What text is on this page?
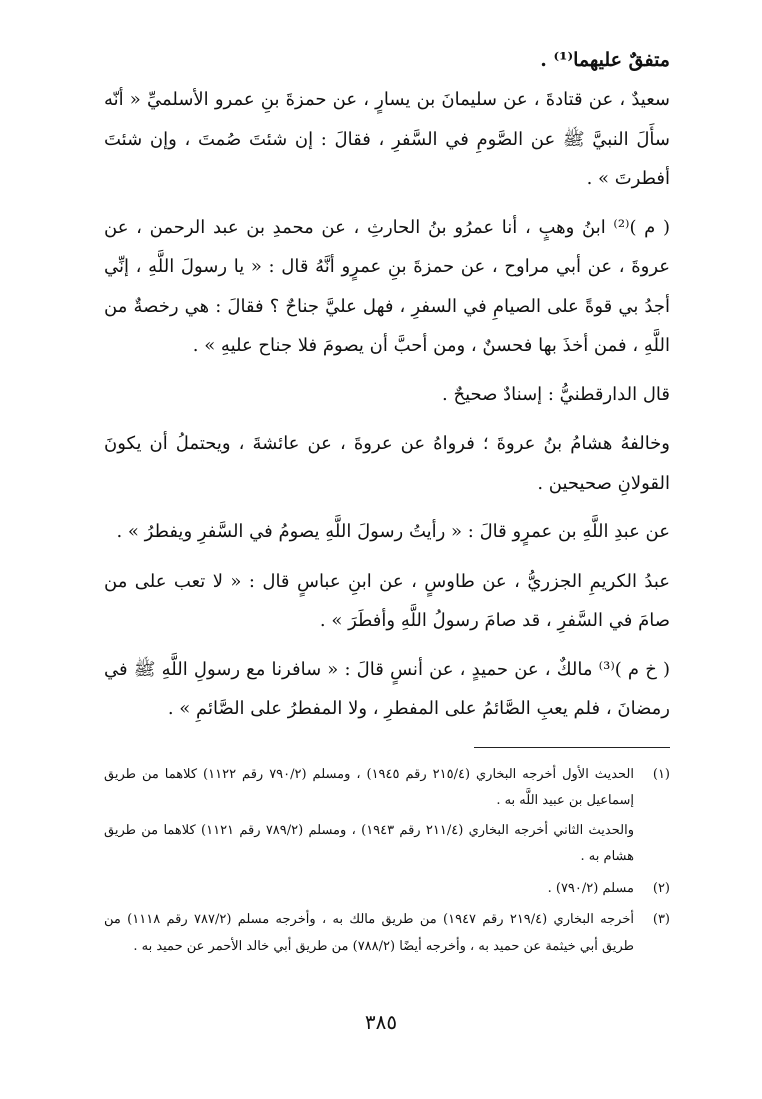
متفقٌ عليهما⁽¹⁾ .

سعيدٌ ، عن قتادةَ ، عن سليمانَ بن يسارٍ ، عن حمزةَ بنِ عمرو الأسلميِّ « أنّه سأَلَ النبيَّ ﷺ عن الصَّومِ في السَّفرِ ، فقالَ : إن شئتَ صُمتَ ، وإن شئتَ أفطرتَ » .

( م )⁽²⁾ ابنُ وهبٍ ، أنا عمرُو بنُ الحارثِ ، عن محمدِ بن عبد الرحمن ، عن عروةَ ، عن أبي مراوح ، عن حمزةَ بنِ عمرٍو أنَّهُ قال : « يا رسولَ اللَّهِ ، إنِّي أجدُ بي قوةً على الصيامِ في السفرِ ، فهل عليَّ جناحٌ ؟ فقالَ : هي رخصةٌ من اللَّهِ ، فمن أخذَ بها فحسنٌ ، ومن أحبَّ أن يصومَ فلا جناح عليهِ » .

قال الدارقطنيُّ : إسنادٌ صحيحٌ .

وخالفهُ هشامُ بنُ عروةَ ؛ فرواهُ عن عروةَ ، عن عائشةَ ، ويحتملُ أن يكونَ القولانِ صحيحين .

عن عبدِ اللَّهِ بن عمرٍو قالَ : « رأيتُ رسولَ اللَّهِ يصومُ في السَّفرِ ويفطرُ » .

عبدُ الكريمِ الجزريُّ ، عن طاوسٍ ، عن ابنِ عباسٍ قال : « لا تعب على من صامَ في السَّفرِ ، قد صامَ رسولُ اللَّهِ وأفطَرَ » .

( خ م )⁽³⁾ مالكٌ ، عن حميدٍ ، عن أنسٍ قالَ : « سافرنا مع رسولِ اللَّهِ ﷺ في رمضانَ ، فلم يعبِ الصَّائمُ على المفطرِ ، ولا المفطرُ على الصَّائمِ » .

(١)
الحديث الأول أخرجه البخاري (٢١٥/٤ رقم ١٩٤٥) ، ومسلم (٧٩٠/٢ رقم ١١٢٢) كلاهما من طريق إسماعيل بن عبيد اللَّه به .
والحديث الثاني أخرجه البخاري (٢١١/٤ رقم ١٩٤٣) ، ومسلم (٧٨٩/٢ رقم ١١٢١) كلاهما من طريق هشام به .
(٢)
مسلم (٧٩٠/٢) .
(٣)
أخرجه البخاري (٢١٩/٤ رقم ١٩٤٧) من طريق مالك به ، وأخرجه مسلم (٧٨٧/٢ رقم ١١١٨) من طريق أبي خيثمة عن حميد به ، وأخرجه أيضًا (٧٨٨/٢) من طريق أبي خالد الأحمر عن حميد به .
٣٨٥
